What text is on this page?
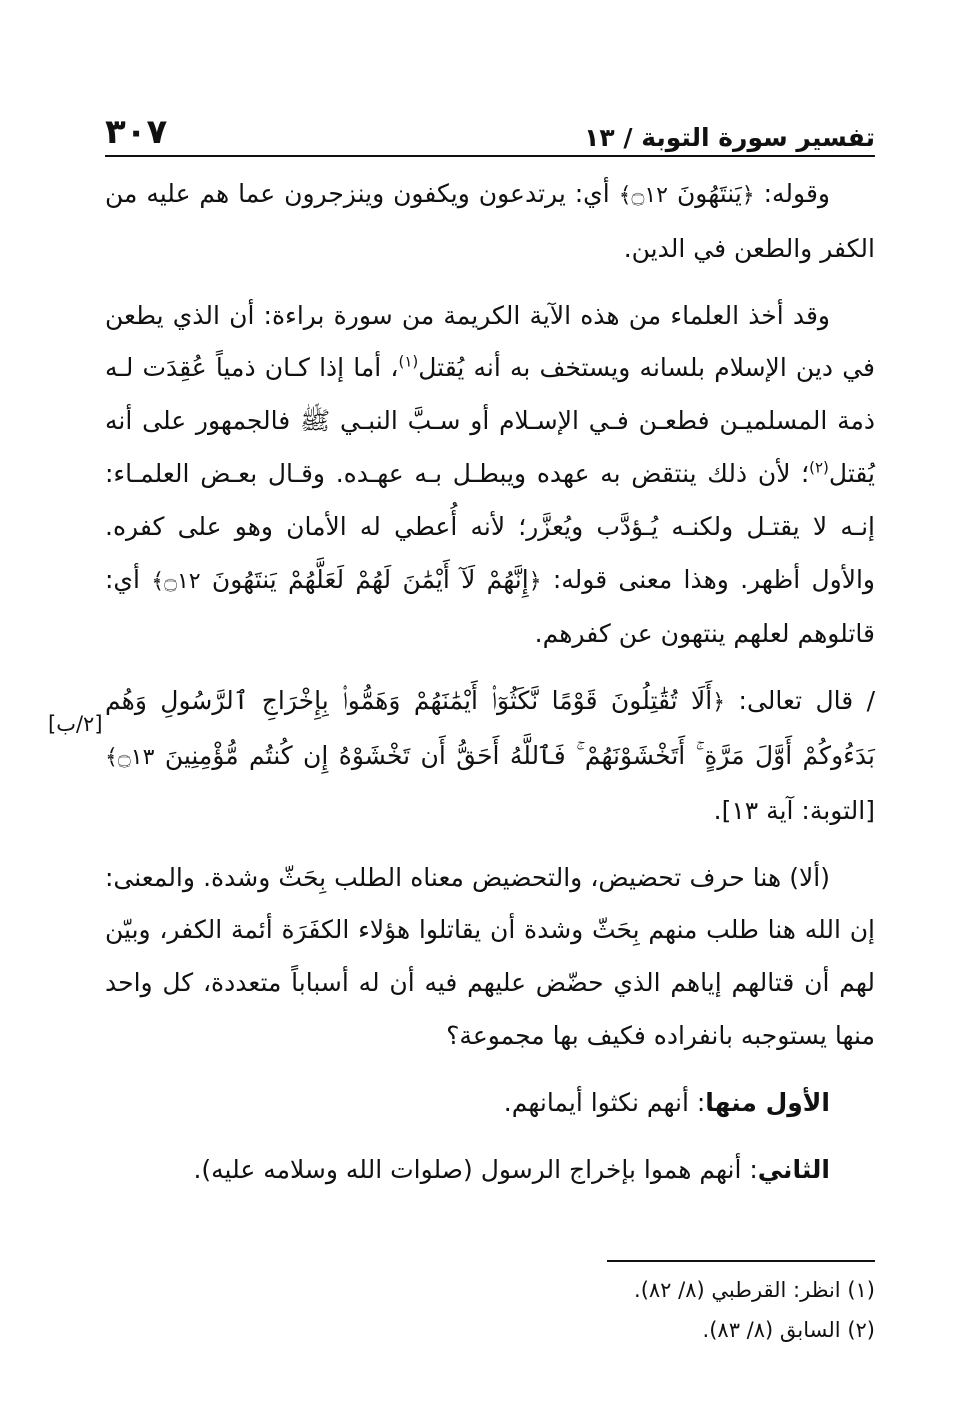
تفسير سورة التوبة / ١٣
٣٠٧
[٢/ب]

وقوله: ﴿يَنتَهُونَ ۝١٢﴾ أي: يرتدعون ويكفون وينزجرون عما هم عليه من الكفر والطعن في الدين.

وقد أخذ العلماء من هذه الآية الكريمة من سورة براءة: أن الذي يطعن في دين الإسلام بلسانه ويستخف به أنه يُقتل$^{(١)}$، أما إذا كـان ذمياً عُقِدَت لـه ذمة المسلميـن فطعـن فـي الإسـلام أو سـبَّ النبـي ﷺ فالجمهور على أنه يُقتل$^{(٢)}$؛ لأن ذلك ينتقض به عهده ويبطـل بـه عهـده. وقـال بعـض العلمـاء: إنـه لا يقتـل ولكنـه يُـؤدَّب ويُعزَّر؛ لأنه أُعطي له الأمان وهو على كفره. والأول أظهر. وهذا معنى قوله: ﴿إِنَّهُمْ لَآ أَيْمَٰنَ لَهُمْ لَعَلَّهُمْ يَنتَهُونَ ۝١٢﴾ أي: قاتلوهم لعلهم ينتهون عن كفرهم.

/ قال تعالى: ﴿أَلَا تُقَٰتِلُونَ قَوْمًا نَّكَثُوٓا۟ أَيْمَٰنَهُمْ وَهَمُّوا۟ بِإِخْرَاجِ ٱلرَّسُولِ وَهُم بَدَءُوكُمْ أَوَّلَ مَرَّةٍ ۚ أَتَخْشَوْنَهُمْ ۚ فَٱللَّهُ أَحَقُّ أَن تَخْشَوْهُ إِن كُنتُم مُّؤْمِنِينَ ۝١٣﴾ [التوبة: آية ١٣].

(ألا) هنا حرف تحضيض، والتحضيض معناه الطلب بِحَثّ وشدة. والمعنى: إن الله هنا طلب منهم بِحَثّ وشدة أن يقاتلوا هؤلاء الكفَرَة أئمة الكفر، وبيّن لهم أن قتالهم إياهم الذي حضّض عليهم فيه أن له أسباباً متعددة، كل واحد منها يستوجبه بانفراده فكيف بها مجموعة؟

الأول منها: أنهم نكثوا أيمانهم.

الثاني: أنهم هموا بإخراج الرسول (صلوات الله وسلامه عليه).

(١) انظر: القرطبي (٨/ ٨٢).
(٢) السابق (٨/ ٨٣).
